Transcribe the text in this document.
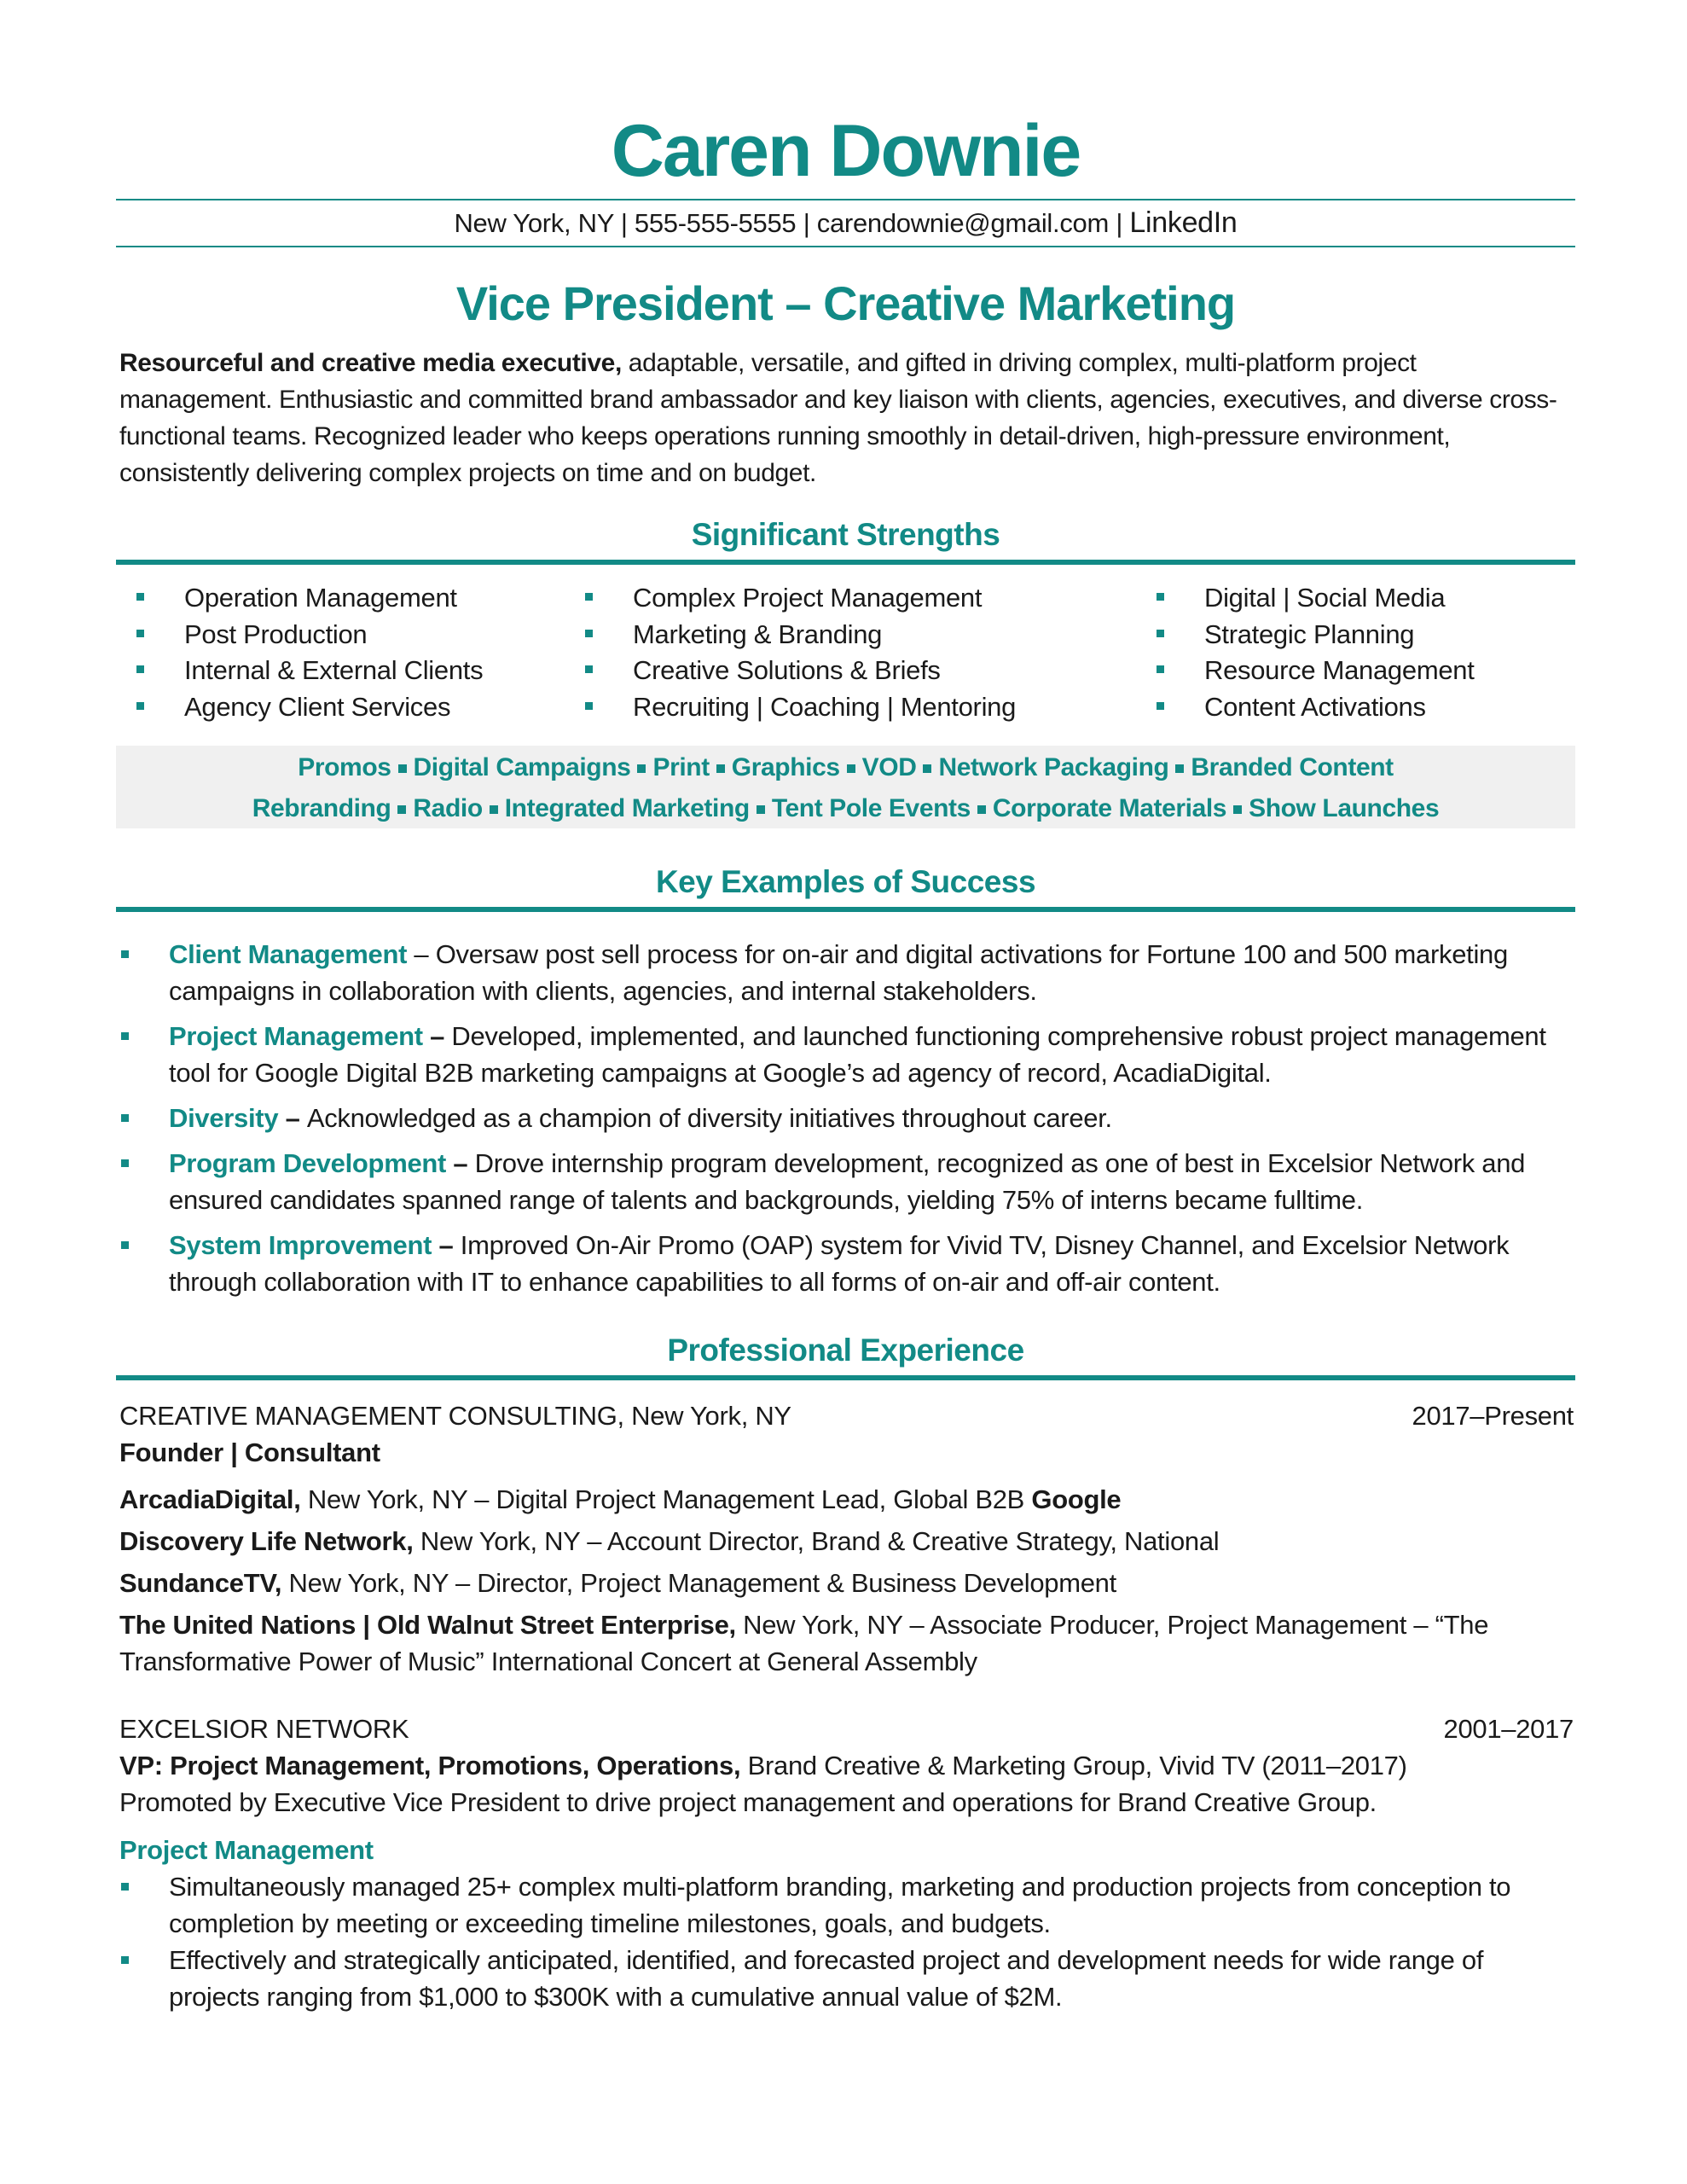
Caren Downie
New York, NY | 555-555-5555 | carendownie@gmail.com | LinkedIn
Vice President – Creative Marketing
Resourceful and creative media executive, adaptable, versatile, and gifted in driving complex, multi-platform project management. Enthusiastic and committed brand ambassador and key liaison with clients, agencies, executives, and diverse cross-functional teams. Recognized leader who keeps operations running smoothly in detail-driven, high-pressure environment, consistently delivering complex projects on time and on budget.
Significant Strengths
Operation Management
Post Production
Internal & External Clients
Agency Client Services
Complex Project Management
Marketing & Branding
Creative Solutions & Briefs
Recruiting | Coaching | Mentoring
Digital | Social Media
Strategic Planning
Resource Management
Content Activations
Promos Digital Campaigns Print Graphics VOD Network Packaging Branded Content
Rebranding Radio Integrated Marketing Tent Pole Events Corporate Materials Show Launches
Key Examples of Success
Client Management – Oversaw post sell process for on-air and digital activations for Fortune 100 and 500 marketing campaigns in collaboration with clients, agencies, and internal stakeholders.
Project Management – Developed, implemented, and launched functioning comprehensive robust project management tool for Google Digital B2B marketing campaigns at Google’s ad agency of record, AcadiaDigital.
Diversity – Acknowledged as a champion of diversity initiatives throughout career.
Program Development – Drove internship program development, recognized as one of best in Excelsior Network and ensured candidates spanned range of talents and backgrounds, yielding 75% of interns became fulltime.
System Improvement – Improved On-Air Promo (OAP) system for Vivid TV, Disney Channel, and Excelsior Network through collaboration with IT to enhance capabilities to all forms of on-air and off-air content.
Professional Experience
CREATIVE MANAGEMENT CONSULTING, New York, NY	2017–Present
Founder | Consultant
ArcadiaDigital, New York, NY – Digital Project Management Lead, Global B2B Google
Discovery Life Network, New York, NY – Account Director, Brand & Creative Strategy, National
SundanceTV, New York, NY – Director, Project Management & Business Development
The United Nations | Old Walnut Street Enterprise, New York, NY – Associate Producer, Project Management – “The Transformative Power of Music” International Concert at General Assembly
EXCELSIOR NETWORK	2001–2017
VP: Project Management, Promotions, Operations, Brand Creative & Marketing Group, Vivid TV (2011–2017)
Promoted by Executive Vice President to drive project management and operations for Brand Creative Group.
Project Management
Simultaneously managed 25+ complex multi-platform branding, marketing and production projects from conception to completion by meeting or exceeding timeline milestones, goals, and budgets.
Effectively and strategically anticipated, identified, and forecasted project and development needs for wide range of projects ranging from $1,000 to $300K with a cumulative annual value of $2M.
